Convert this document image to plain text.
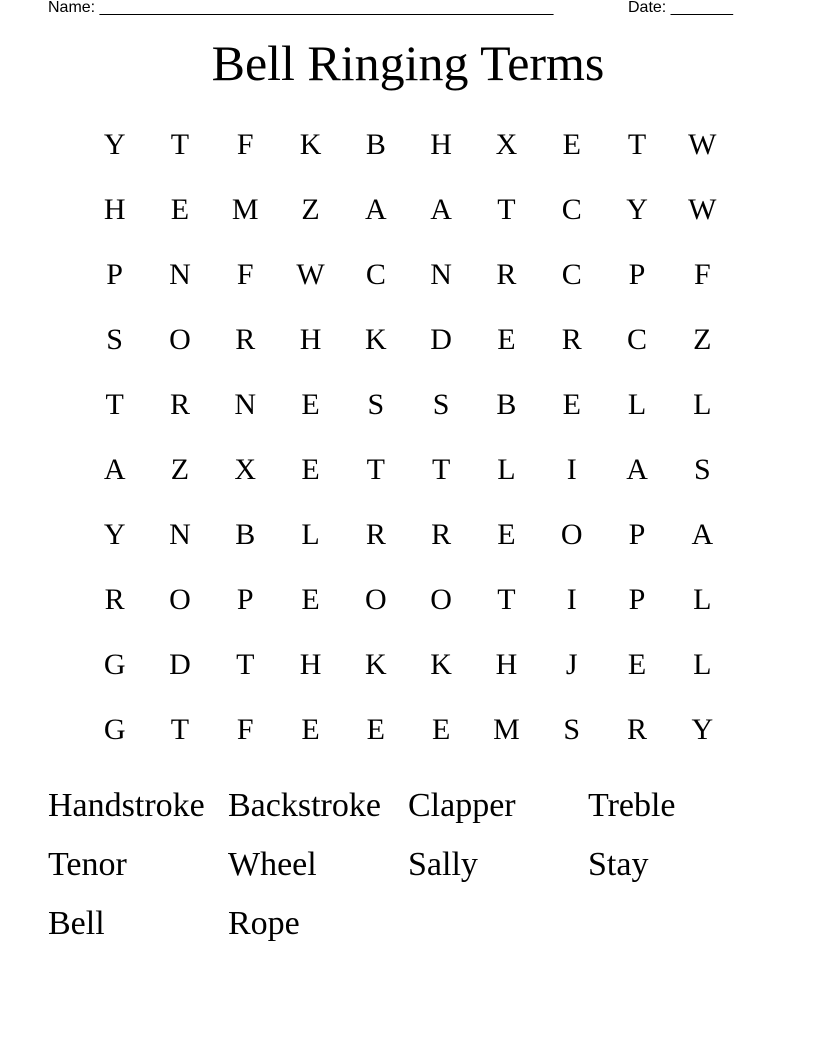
Name: ___________________________________________________	Date: _______
Bell Ringing Terms
Y	T	F	K	B	H	X	E	T	W
H	E	M	Z	A	A	T	C	Y	W
P	N	F	W	C	N	R	C	P	F
S	O	R	H	K	D	E	R	C	Z
T	R	N	E	S	S	B	E	L	L
A	Z	X	E	T	T	L	I	A	S
Y	N	B	L	R	R	E	O	P	A
R	O	P	E	O	O	T	I	P	L
G	D	T	H	K	K	H	J	E	L
G	T	F	E	E	E	M	S	R	Y
Handstroke Backstroke Clapper	Treble
Tenor	Wheel	Sally	Stay
Bell	Rope
